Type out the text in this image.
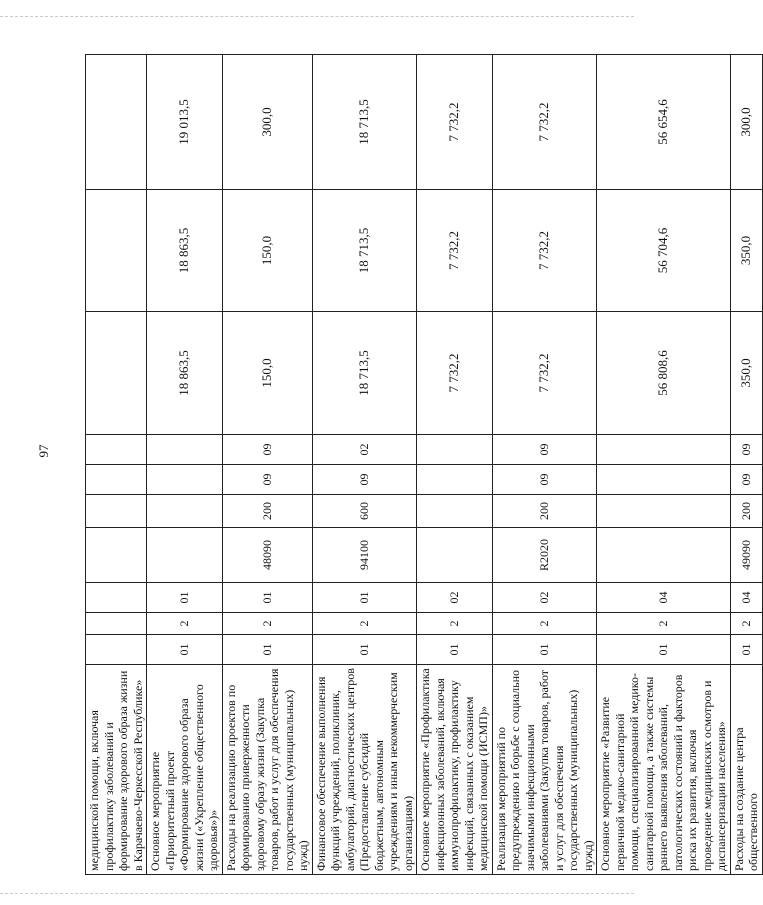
97
медицинской помощи, включая профилактику заболеваний и формирование здорового образа жизни в Карачаево-Черкесской Республике»										
Основное мероприятие «Приоритетный проект «Формирование здорового образа жизни («Укрепление общественного здоровья»)»	01	2	01					18 863,5	18 863,5	19 013,5
Расходы на реализацию проектов по формированию приверженности здоровому образу жизни (Закупка товаров, работ и услуг для обеспечения государственных (муниципальных) нужд)	01	2	01	48090	200	09	09	150,0	150,0	300,0
Финансовое обеспечение выполнения функций учреждений, поликлиник, амбулаторий, диагностических центров (Предоставление субсидий бюджетным, автономным учреждениям и иным некоммерческим организациям)	01	2	01	94100	600	09	02	18 713,5	18 713,5	18 713,5
Основное мероприятие «Профилактика инфекционных заболеваний, включая иммунопрофилактику, профилактику инфекций, связанных с оказанием медицинской помощи (ИСМП)»	01	2	02					7 732,2	7 732,2	7 732,2
Реализация мероприятий по предупреждению и борьбе с социально значимыми инфекционными заболеваниями (Закупка товаров, работ и услуг для обеспечения государственных (муниципальных) нужд)	01	2	02	R2020	200	09	09	7 732,2	7 732,2	7 732,2
Основное мероприятие «Развитие первичной медико-санитарной помощи, специализированной медико-санитарной помощи, а также системы раннего выявления заболеваний, патологических состояний и факторов риска их развития, включая проведение медицинских осмотров и диспансеризации населения»	01	2	04					56 808,6	56 704,6	56 654,6
Расходы на создание центра общественного	01	2	04	49090	200	09	09	350,0	350,0	300,0
